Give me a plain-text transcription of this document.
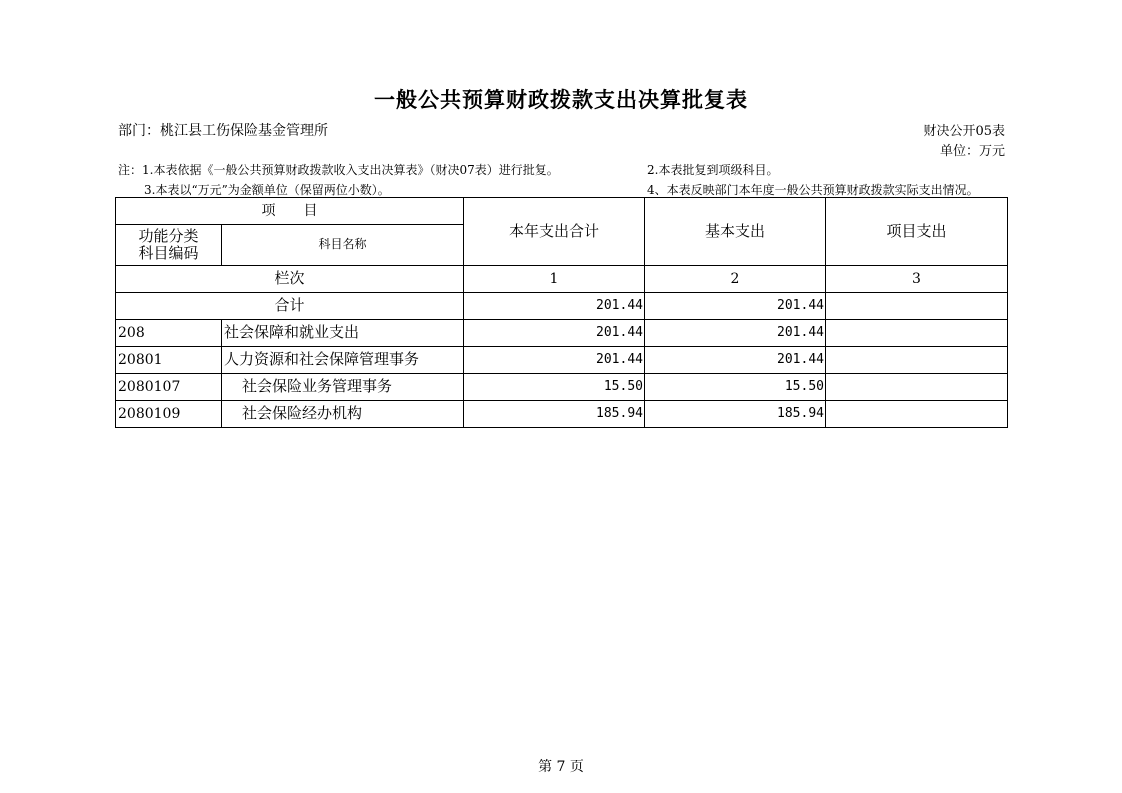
一般公共预算财政拨款支出决算批复表
部门：桃江县工伤保险基金管理所	财决公开05表
单位：万元
注：1.本表依据《一般公共预算财政拨款收入支出决算表》（财决07表）进行批复。	2.本表批复到项级科目。
3.本表以“万元”为金额单位（保留两位小数）。	4、本表反映部门本年度一般公共预算财政拨款实际支出情况。
项　　目		本年支出合计	基本支出	项目支出
功能分类
科目编码	科目名称			
栏次		1	2	3
合计		201.44	201.44	
208	社会保障和就业支出	201.44	201.44	
20801	人力资源和社会保障管理事务	201.44	201.44	
2080107	社会保险业务管理事务	15.50	15.50	
2080109	社会保险经办机构	185.94	185.94	
第 7 页
